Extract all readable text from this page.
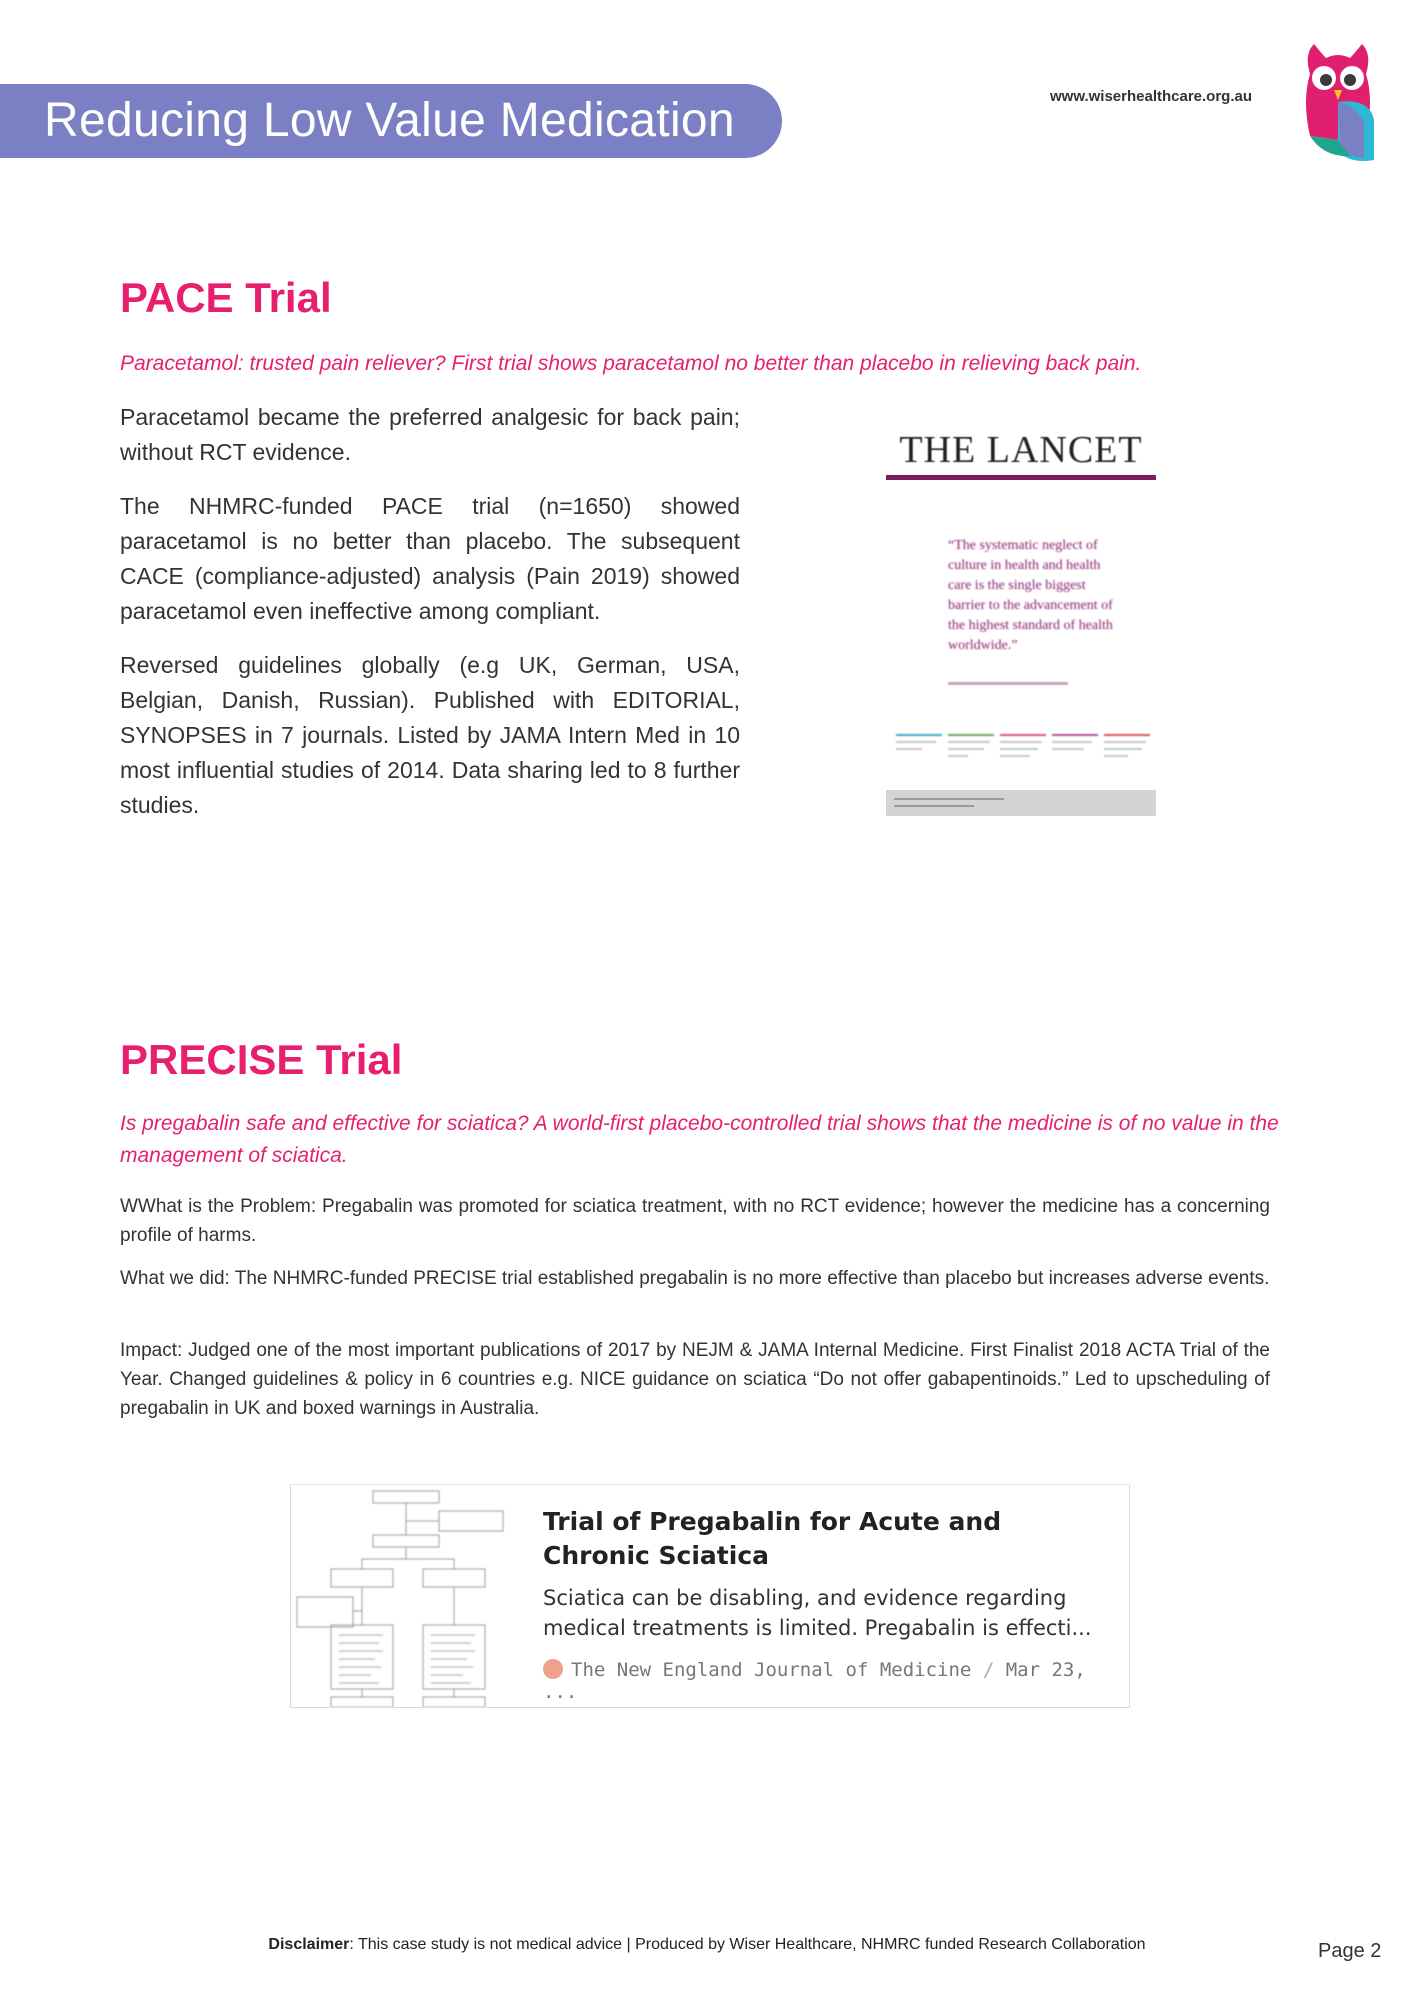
Reducing Low Value Medication	www.wiserhealthcare.org.au
PACE Trial
Paracetamol: trusted pain reliever? First trial shows paracetamol no better than placebo in relieving back pain.

Paracetamol became the preferred analgesic for back pain; without RCT evidence.

The NHMRC-funded PACE trial (n=1650) showed paracetamol is no better than placebo. The subsequent CACE (compliance-adjusted) analysis (Pain 2019) showed paracetamol even ineffective among compliant.

Reversed guidelines globally (e.g UK, German, USA, Belgian, Danish, Russian). Published with EDITORIAL, SYNOPSES in 7 journals. Listed by JAMA Intern Med in 10 most influential studies of 2014. Data sharing led to 8 further studies.

THE LANCET
“The systematic neglect of culture in health and health care is the single biggest barrier to the advancement of the highest standard of health worldwide.”
PRECISE Trial
Is pregabalin safe and effective for sciatica? A world-first placebo-controlled trial shows that the medicine is of no value in the management of sciatica.

WWhat is the Problem: Pregabalin was promoted for sciatica treatment, with no RCT evidence; however the medicine has a concerning profile of harms.

What we did: The NHMRC-funded PRECISE trial established pregabalin is no more effective than placebo but increases adverse events.

Impact: Judged one of the most important publications of 2017 by NEJM & JAMA Internal Medicine. First Finalist 2018 ACTA Trial of the Year. Changed guidelines & policy in 6 countries e.g. NICE guidance on sciatica “Do not offer gabapentinoids.” Led to upscheduling of pregabalin in UK and boxed warnings in Australia.

Trial of Pregabalin for Acute and Chronic Sciatica
Sciatica can be disabling, and evidence regarding medical treatments is limited. Pregabalin is effecti...
The New England Journal of Medicine / Mar 23, ...
Disclaimer: This case study is not medical advice | Produced by Wiser Healthcare, NHMRC funded Research Collaboration	Page 2
